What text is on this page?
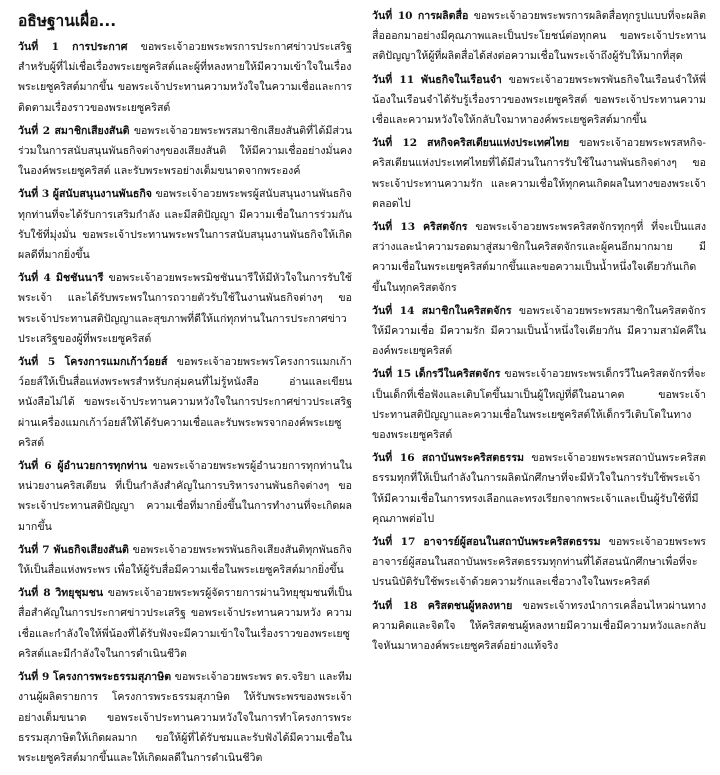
อธิษฐานเผื่อ...

วันที่ 1 การประกาศ ขอพระเจ้าอวยพระพรการประกาศข่าวประเสริฐสำหรับผู้ที่ไม่เชื่อเรื่องพระเยซูคริสต์และผู้ที่หลงหายให้มีความเข้าใจในเรื่องพระเยซูคริสต์มากขึ้น ขอพระเจ้าประทานความหวังใจในความเชื่อและการติดตามเรื่องราวของพระเยซูคริสต์

วันที่ 2 สมาชิกเสียงสันติ ขอพระเจ้าอวยพระพรสมาชิกเสียงสันติที่ได้มีส่วนร่วมในการสนับสนุนพันธกิจต่างๆของเสียงสันติ ให้มีความเชื่ออย่างมั่นคงในองค์พระเยซูคริสต์ และรับพระพรอย่างเต็มขนาดจากพระองค์

วันที่ 3 ผู้สนับสนุนงานพันธกิจ ขอพระเจ้าอวยพระพรผู้สนับสนุนงานพันธกิจทุกท่านที่จะได้รับการเสริมกำลัง และมีสติปัญญา มีความเชื่อในการร่วมกันรับใช้ที่มุ่งมั่น ขอพระเจ้าประทานพระพรในการสนับสนุนงานพันธกิจให้เกิดผลดีที่มากยิ่งขึ้น

วันที่ 4 มิชชันนารี ขอพระเจ้าอวยพระพรมิชชันนารีให้มีหัวใจในการรับใช้พระเจ้า และได้รับพระพรในการถวายตัวรับใช้ในงานพันธกิจต่างๆ ขอพระเจ้าประทานสติปัญญาและสุขภาพที่ดีให้แก่ทุกท่านในการประกาศข่าวประเสริฐของผู้ที่พระเยซูคริสต์

วันที่ 5 โครงการแมกเก้าว์อยส์ ขอพระเจ้าอวยพระพรโครงการแมกเก้าว์อยส์ให้เป็นสื่อแห่งพระพรสำหรับกลุ่มคนที่ไม่รู้หนังสือ อ่านและเขียนหนังสือไม่ได้ ขอพระเจ้าประทานความหวังใจในการประกาศข่าวประเสริฐผ่านเครื่องแมกเก้าว์อยส์ให้ได้รับความเชื่อและรับพระพรจากองค์พระเยซูคริสต์

วันที่ 6 ผู้อำนวยการทุกท่าน ขอพระเจ้าอวยพระพรผู้อำนวยการทุกท่านในหน่วยงานคริสเตียน ที่เป็นกำลังสำคัญในการบริหารงานพันธกิจต่างๆ ขอพระเจ้าประทานสติปัญญา ความเชื่อที่มากยิ่งขึ้นในการทำงานที่จะเกิดผลมากขึ้น

วันที่ 7 พันธกิจเสียงสันติ ขอพระเจ้าอวยพระพรพันธกิจเสียงสันติทุกพันธกิจให้เป็นสื่อแห่งพระพร เพื่อให้ผู้รับสื่อมีความเชื่อในพระเยซูคริสต์มากยิ่งขึ้น

วันที่ 8 วิทยุชุมชน ขอพระเจ้าอวยพระพรผู้จัดรายการผ่านวิทยุชุมชนที่เป็นสื่อสำคัญในการประกาศข่าวประเสริฐ ขอพระเจ้าประทานความหวัง ความเชื่อและกำลังใจให้พี่น้องที่ได้รับฟังจะมีความเข้าใจในเรื่องราวของพระเยซูคริสต์และมีกำลังใจในการดำเนินชีวิต

วันที่ 9 โครงการพระธรรมสุภาษิต ขอพระเจ้าอวยพระพร ดร.จริยา และทีมงานผู้ผลิตรายการ โครงการพระธรรมสุภาษิต ให้รับพระพรของพระเจ้าอย่างเต็มขนาด ขอพระเจ้าประทานความหวังใจในการทำโครงการพระธรรมสุภาษิตให้เกิดผลมาก ขอให้ผู้ที่ได้รับชมและรับฟังได้มีความเชื่อในพระเยซูคริสต์มากขึ้นและให้เกิดผลดีในการดำเนินชีวิต

วันที่ 10 การผลิตสื่อ ขอพระเจ้าอวยพระพรการผลิตสื่อทุกรูปแบบที่จะผลิตสื่อออกมาอย่างมีคุณภาพและเป็นประโยชน์ต่อทุกคน ขอพระเจ้าประทานสติปัญญาให้ผู้ที่ผลิตสื่อได้ส่งต่อความเชื่อในพระเจ้าถึงผู้รับให้มากที่สุด

วันที่ 11 พันธกิจในเรือนจำ ขอพระเจ้าอวยพระพรพันธกิจในเรือนจำให้พี่น้องในเรือนจำได้รับรู้เรื่องราวของพระเยซูคริสต์ ขอพระเจ้าประทานความเชื่อและความหวังใจให้กลับใจมาหาองค์พระเยซูคริสต์มากขึ้น

วันที่ 12 สหกิจคริสเตียนแห่งประเทศไทย ขอพระเจ้าอวยพระพรสหกิจ-คริสเตียนแห่งประเทศไทยที่ได้มีส่วนในการรับใช้ในงานพันธกิจต่างๆ ขอพระเจ้าประทานความรัก และความเชื่อให้ทุกคนเกิดผลในทางของพระเจ้าตลอดไป

วันที่ 13 คริสตจักร ขอพระเจ้าอวยพระพรคริสตจักรทุกๆที่ ที่จะเป็นแสงสว่างและนำความรอดมาสู่สมาชิกในคริสตจักรและผู้คนอีกมากมาย มีความเชื่อในพระเยซูคริสต์มากขึ้นและขอความเป็นน้ำหนึ่งใจเดียวกันเกิดขึ้นในทุกคริสตจักร

วันที่ 14 สมาชิกในคริสตจักร ขอพระเจ้าอวยพระพรสมาชิกในคริสตจักรให้มีความเชื่อ มีความรัก มีความเป็นน้ำหนึ่งใจเดียวกัน มีความสามัคคีในองค์พระเยซูคริสต์

วันที่ 15 เด็กรวีในคริสตจักร ขอพระเจ้าอวยพระพรเด็กรวีในคริสตจักรที่จะเป็นเด็กที่เชื่อฟังและเติบโตขึ้นมาเป็นผู้ใหญ่ที่ดีในอนาคต ขอพระเจ้าประทานสติปัญญาและความเชื่อในพระเยซูคริสต์ให้เด็กรวีเติบโตในทางของพระเยซูคริสต์

วันที่ 16 สถาบันพระคริสตธรรม ขอพระเจ้าอวยพระพรสถาบันพระคริสตธรรมทุกที่ให้เป็นกำลังในการผลิตนักศึกษาที่จะมีหัวใจในการรับใช้พระเจ้า ให้มีความเชื่อในการทรงเลือกและทรงเรียกจากพระเจ้าและเป็นผู้รับใช้ที่มีคุณภาพต่อไป

วันที่ 17 อาจารย์ผู้สอนในสถาบันพระคริสตธรรม ขอพระเจ้าอวยพระพรอาจารย์ผู้สอนในสถาบันพระคริสตธรรมทุกท่านที่ได้สอนนักศึกษาเพื่อที่จะปรนนิบัติรับใช้พระเจ้าด้วยความรักและเชื่อวางใจในพระคริสต์

วันที่ 18 คริสตชนผู้หลงหาย ขอพระเจ้าทรงนำการเคลื่อนไหวผ่านทางความคิดและจิตใจ ให้คริสตชนผู้หลงหายมีความเชื่อมีความหวังและกลับใจหันมาหาองค์พระเยซูคริสต์อย่างแท้จริง
